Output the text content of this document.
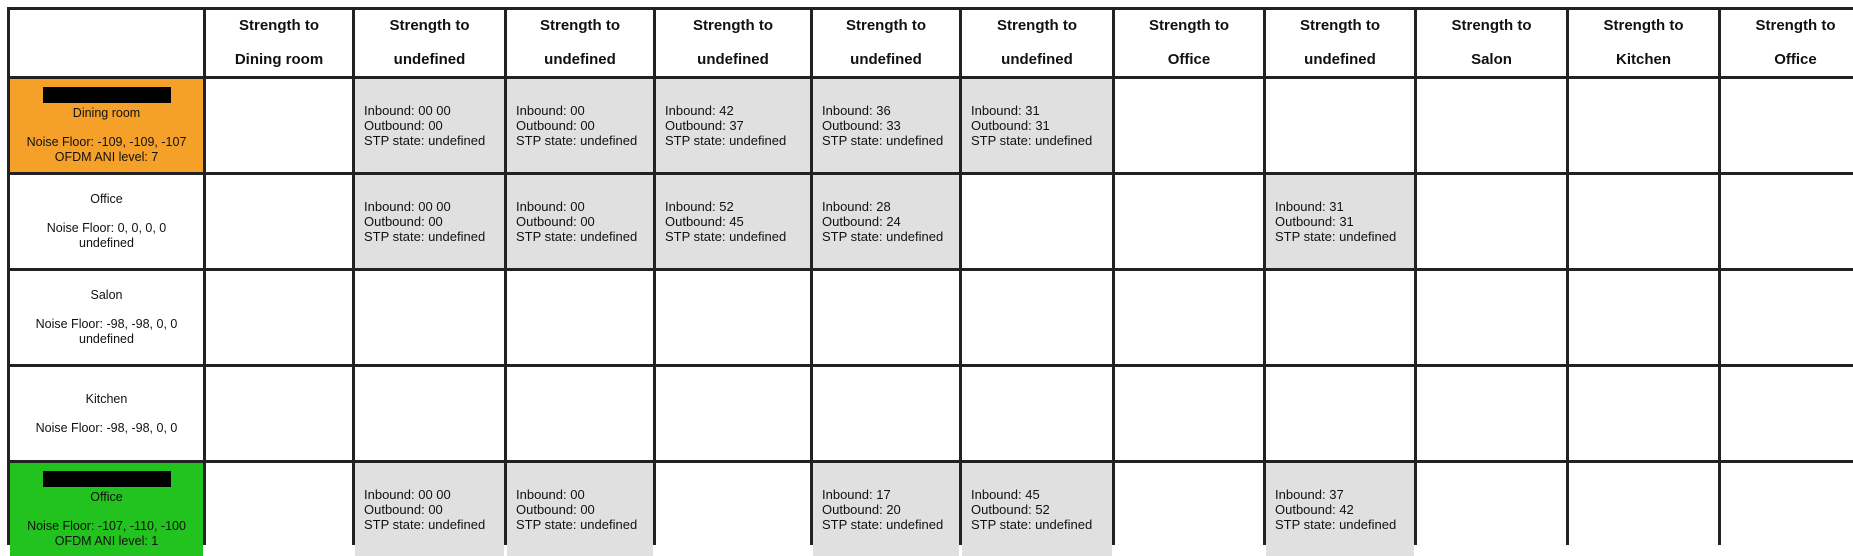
Strength to
Dining room
Strength to
undefined
Strength to
undefined
Strength to
undefined
Strength to
undefined
Strength to
undefined
Strength to
Office
Strength to
undefined
Strength to
Salon
Strength to
Kitchen
Strength to
Office
Dining room
Noise Floor: -109, -109, -107
OFDM ANI level: 7
Inbound: 00 00
Outbound: 00
STP state: undefined
Inbound: 00
Outbound: 00
STP state: undefined
Inbound: 42
Outbound: 37
STP state: undefined
Inbound: 36
Outbound: 33
STP state: undefined
Inbound: 31
Outbound: 31
STP state: undefined
Office
Noise Floor: 0, 0, 0, 0
undefined
Inbound: 00 00
Outbound: 00
STP state: undefined
Inbound: 00
Outbound: 00
STP state: undefined
Inbound: 52
Outbound: 45
STP state: undefined
Inbound: 28
Outbound: 24
STP state: undefined
Inbound: 31
Outbound: 31
STP state: undefined
Salon
Noise Floor: -98, -98, 0, 0
undefined
Kitchen
Noise Floor: -98, -98, 0, 0
Office
Noise Floor: -107, -110, -100
OFDM ANI level: 1
Inbound: 00 00
Outbound: 00
STP state: undefined
Inbound: 00
Outbound: 00
STP state: undefined
Inbound: 17
Outbound: 20
STP state: undefined
Inbound: 45
Outbound: 52
STP state: undefined
Inbound: 37
Outbound: 42
STP state: undefined
